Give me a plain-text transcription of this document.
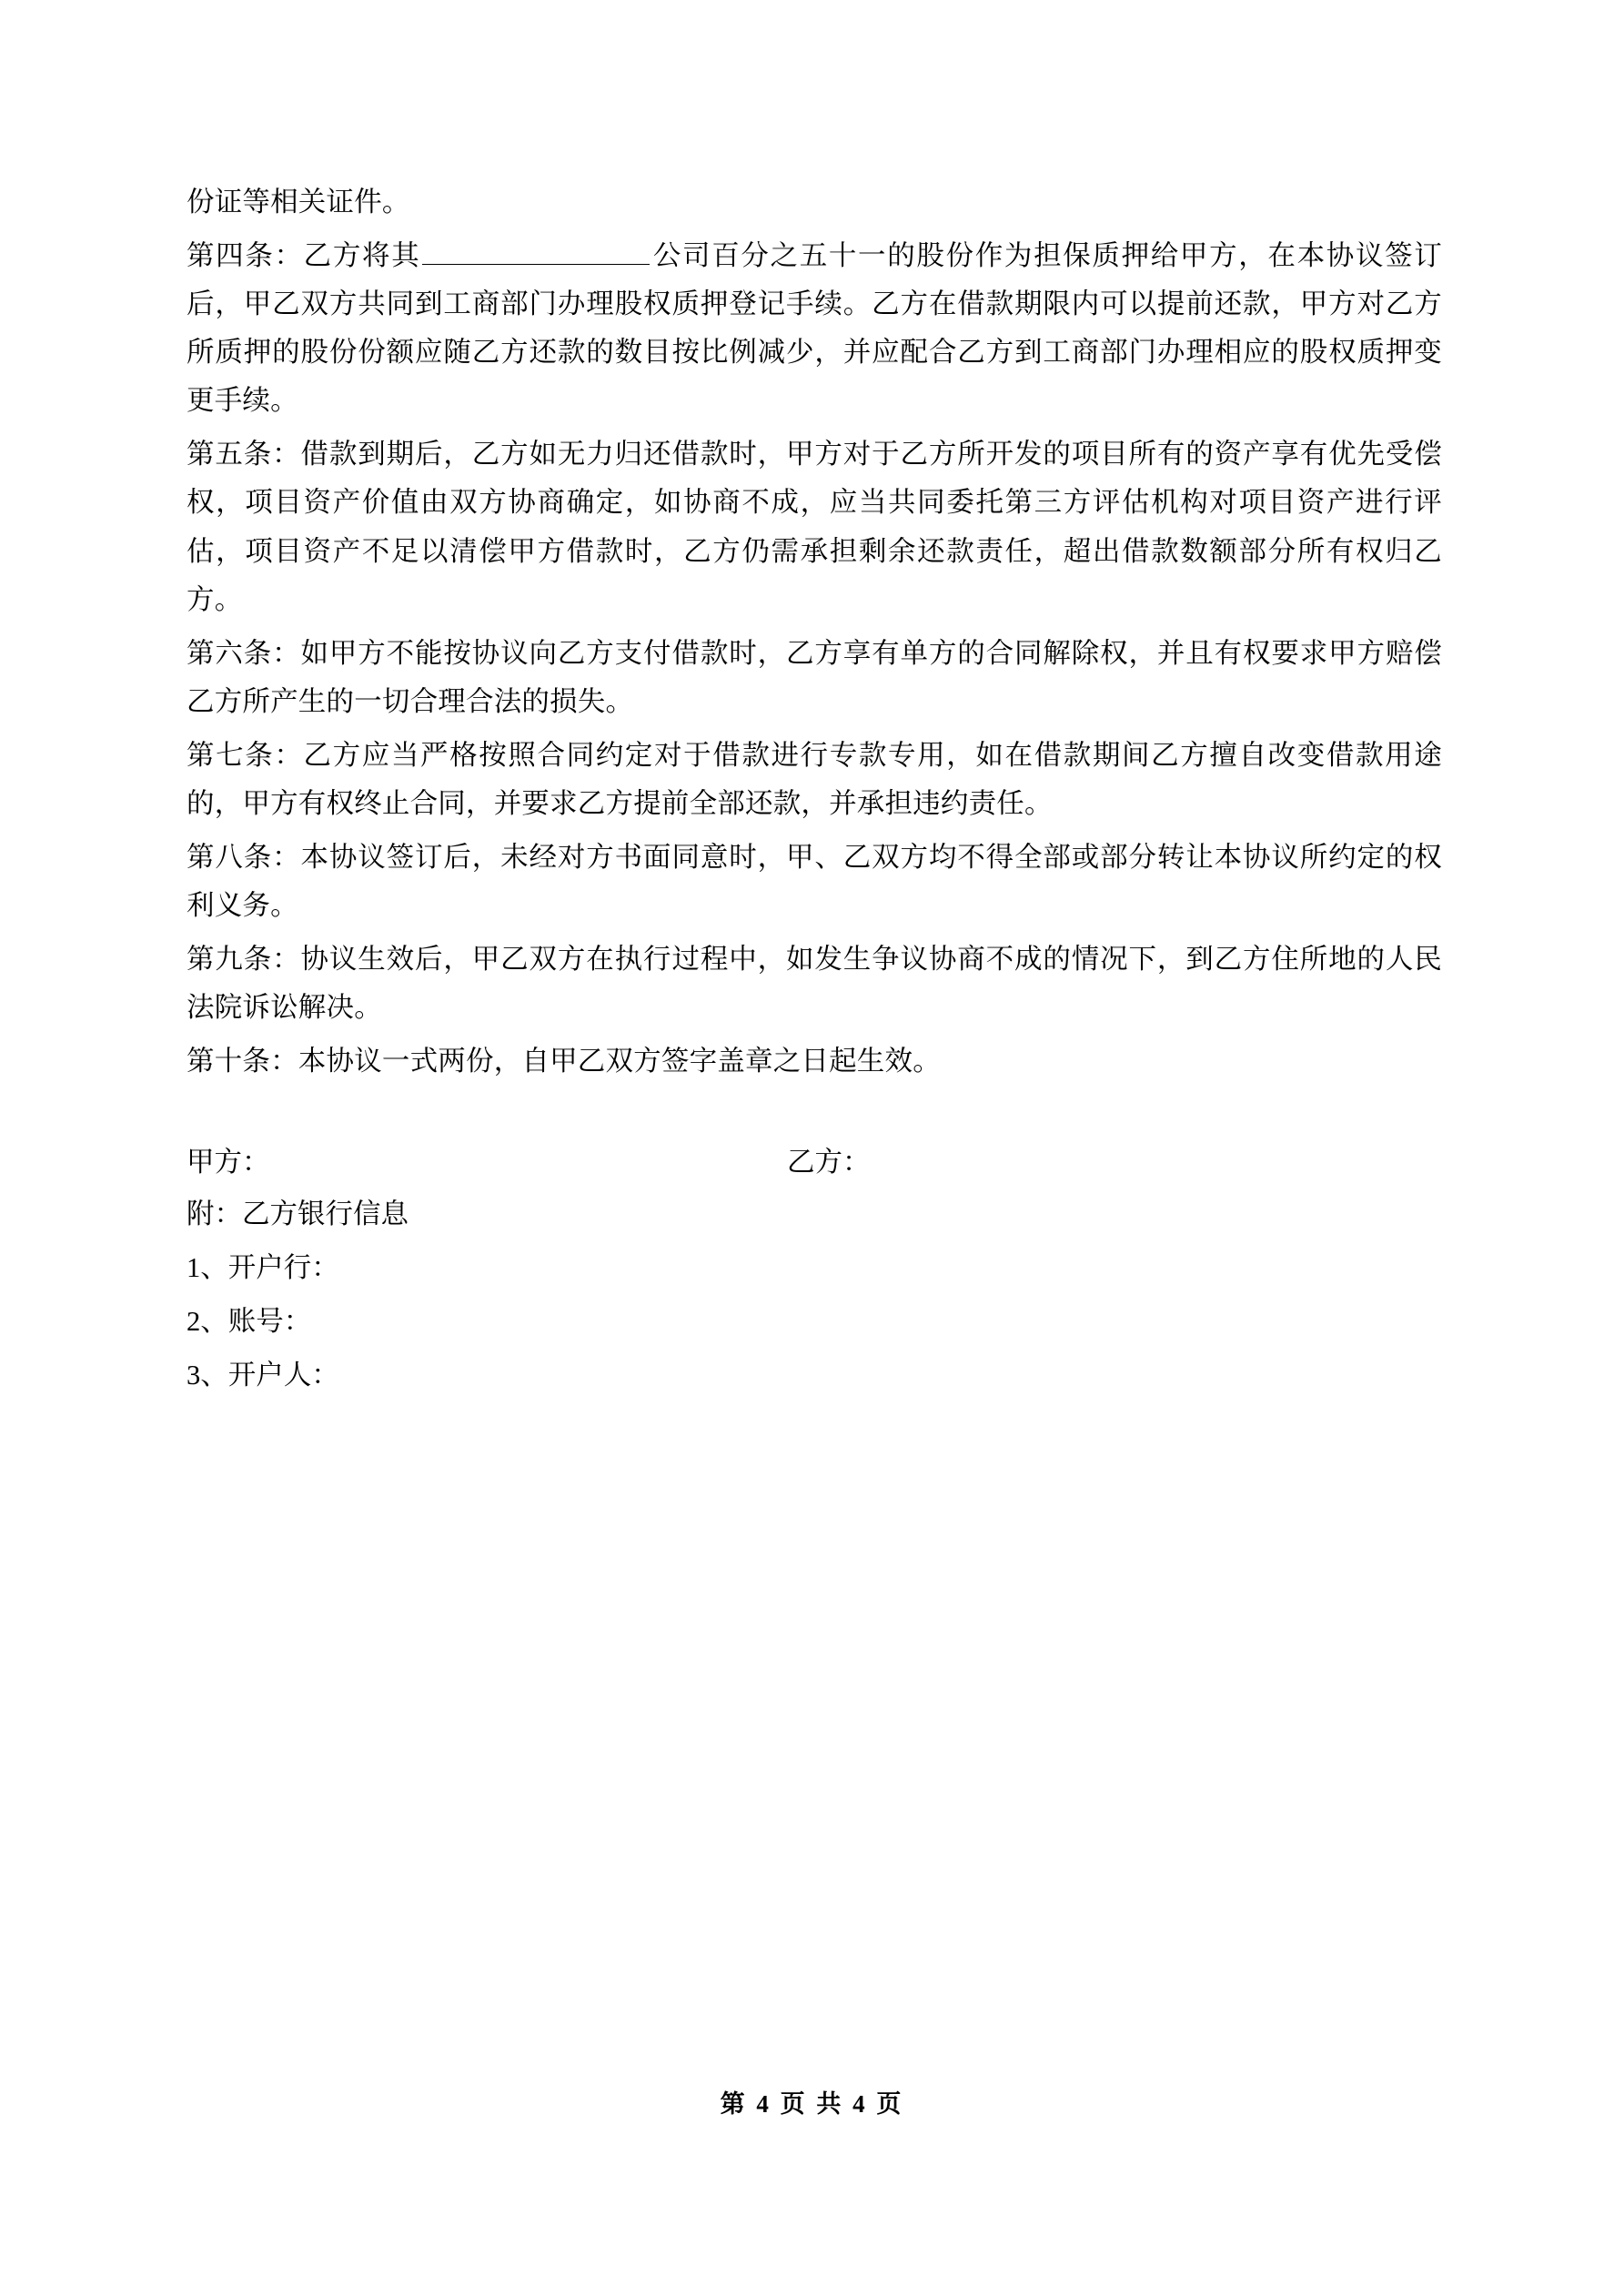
份证等相关证件。

第四条：乙方将其	公司百分之五十一的股份作为担保质押给甲方，在本协议签订后，甲乙双方共同到工商部门办理股权质押登记手续。乙方在借款期限内可以提前还款，甲方对乙方所质押的股份份额应随乙方还款的数目按比例减少，并应配合乙方到工商部门办理相应的股权质押变更手续。

第五条：借款到期后，乙方如无力归还借款时，甲方对于乙方所开发的项目所有的资产享有优先受偿权，项目资产价值由双方协商确定，如协商不成，应当共同委托第三方评估机构对项目资产进行评估，项目资产不足以清偿甲方借款时，乙方仍需承担剩余还款责任，超出借款数额部分所有权归乙方。

第六条：如甲方不能按协议向乙方支付借款时，乙方享有单方的合同解除权，并且有权要求甲方赔偿乙方所产生的一切合理合法的损失。

第七条：乙方应当严格按照合同约定对于借款进行专款专用，如在借款期间乙方擅自改变借款用途的，甲方有权终止合同，并要求乙方提前全部还款，并承担违约责任。

第八条：本协议签订后，未经对方书面同意时，甲、乙双方均不得全部或部分转让本协议所约定的权利义务。

第九条：协议生效后，甲乙双方在执行过程中，如发生争议协商不成的情况下，到乙方住所地的人民法院诉讼解决。

第十条：本协议一式两份，自甲乙双方签字盖章之日起生效。

甲方：	乙方：

附：乙方银行信息

1、开户行：

2、账号：

3、开户人：

第 4 页 共 4 页
